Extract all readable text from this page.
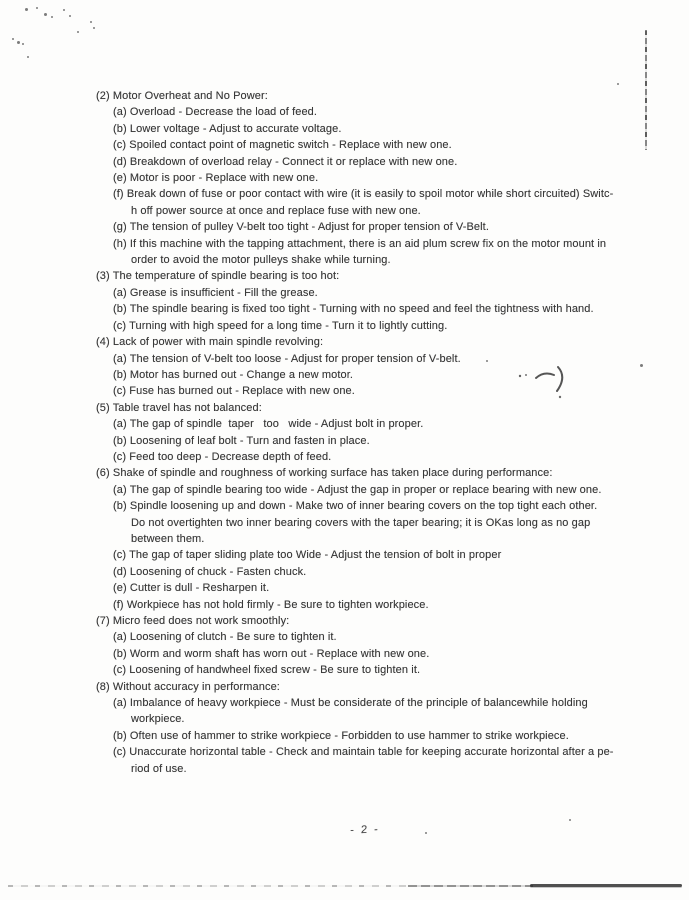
(2) Motor Overheat and No Power:
(a) Overload - Decrease the load of feed.
(b) Lower voltage - Adjust to accurate voltage.
(c) Spoiled contact point of magnetic switch - Replace with new one.
(d) Breakdown of overload relay - Connect it or replace with new one.
(e) Motor is poor - Replace with new one.
(f) Break down of fuse or poor contact with wire (it is easily to spoil motor while short circuited) Switc-
h off power source at once and replace fuse with new one.
(g) The tension of pulley V-belt too tight - Adjust for proper tension of V-Belt.
(h) If this machine with the tapping attachment, there is an aid plum screw fix on the motor mount in
order to avoid the motor pulleys shake while turning.
(3) The temperature of spindle bearing is too hot:
(a) Grease is insufficient - Fill the grease.
(b) The spindle bearing is fixed too tight - Turning with no speed and feel the tightness with hand.
(c) Turning with high speed for a long time - Turn it to lightly cutting.
(4) Lack of power with main spindle revolving:
(a) The tension of V-belt too loose - Adjust for proper tension of V-belt.
(b) Motor has burned out - Change a new motor.
(c) Fuse has burned out - Replace with new one.
(5) Table travel has not balanced:
(a) The gap of spindle  taper   too   wide - Adjust bolt in proper.
(b) Loosening of leaf bolt - Turn and fasten in place.
(c) Feed too deep - Decrease depth of feed.
(6) Shake of spindle and roughness of working surface has taken place during performance:
(a) The gap of spindle bearing too wide - Adjust the gap in proper or replace bearing with new one.
(b) Spindle loosening up and down - Make two of inner bearing covers on the top tight each other.
Do not overtighten two inner bearing covers with the taper bearing; it is OKas long as no gap
between them.
(c) The gap of taper sliding plate too Wide - Adjust the tension of bolt in proper
(d) Loosening of chuck - Fasten chuck.
(e) Cutter is dull - Resharpen it.
(f) Workpiece has not hold firmly - Be sure to tighten workpiece.
(7) Micro feed does not work smoothly:
(a) Loosening of clutch - Be sure to tighten it.
(b) Worm and worm shaft has worn out - Replace with new one.
(c) Loosening of handwheel fixed screw - Be sure to tighten it.
(8) Without accuracy in performance:
(a) Imbalance of heavy workpiece - Must be considerate of the principle of balancewhile holding
workpiece.
(b) Often use of hammer to strike workpiece - Forbidden to use hammer to strike workpiece.
(c) Unaccurate horizontal table - Check and maintain table for keeping accurate horizontal after a pe-
riod of use.
- 2 -
